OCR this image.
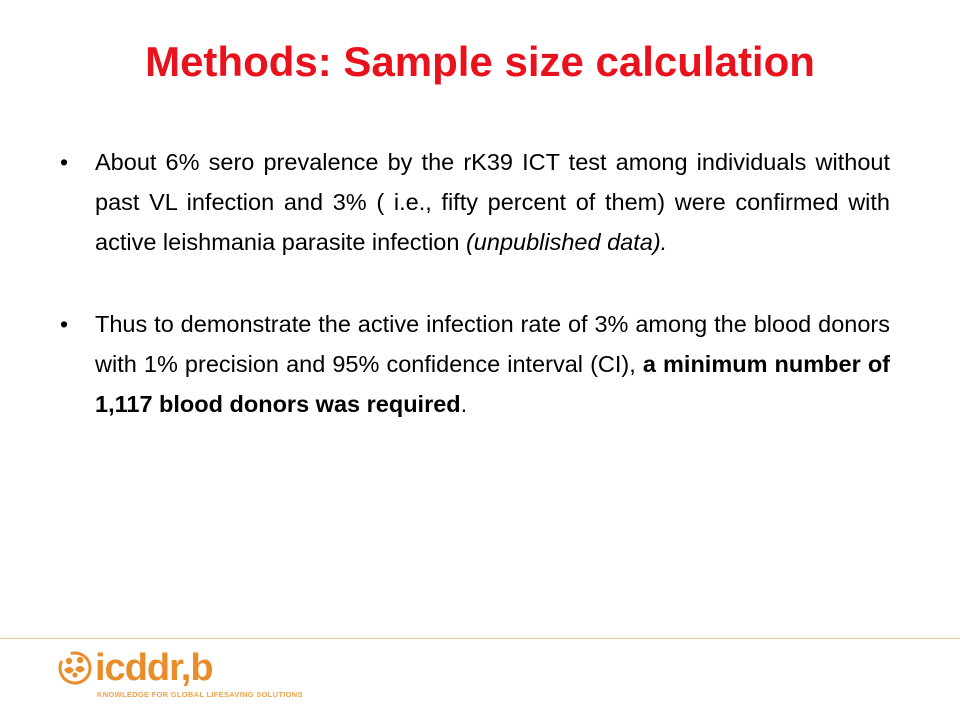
Methods: Sample size calculation

• About 6% sero prevalence by the rK39 ICT test among individuals without past VL infection and 3% ( i.e., fifty percent of them) were confirmed with active leishmania parasite infection (unpublished data).

• Thus to demonstrate the active infection rate of 3% among the blood donors with 1% precision and 95% confidence interval (CI), a minimum number of 1,117 blood donors was required.

icddr,b
KNOWLEDGE FOR GLOBAL LIFESAVING SOLUTIONS
